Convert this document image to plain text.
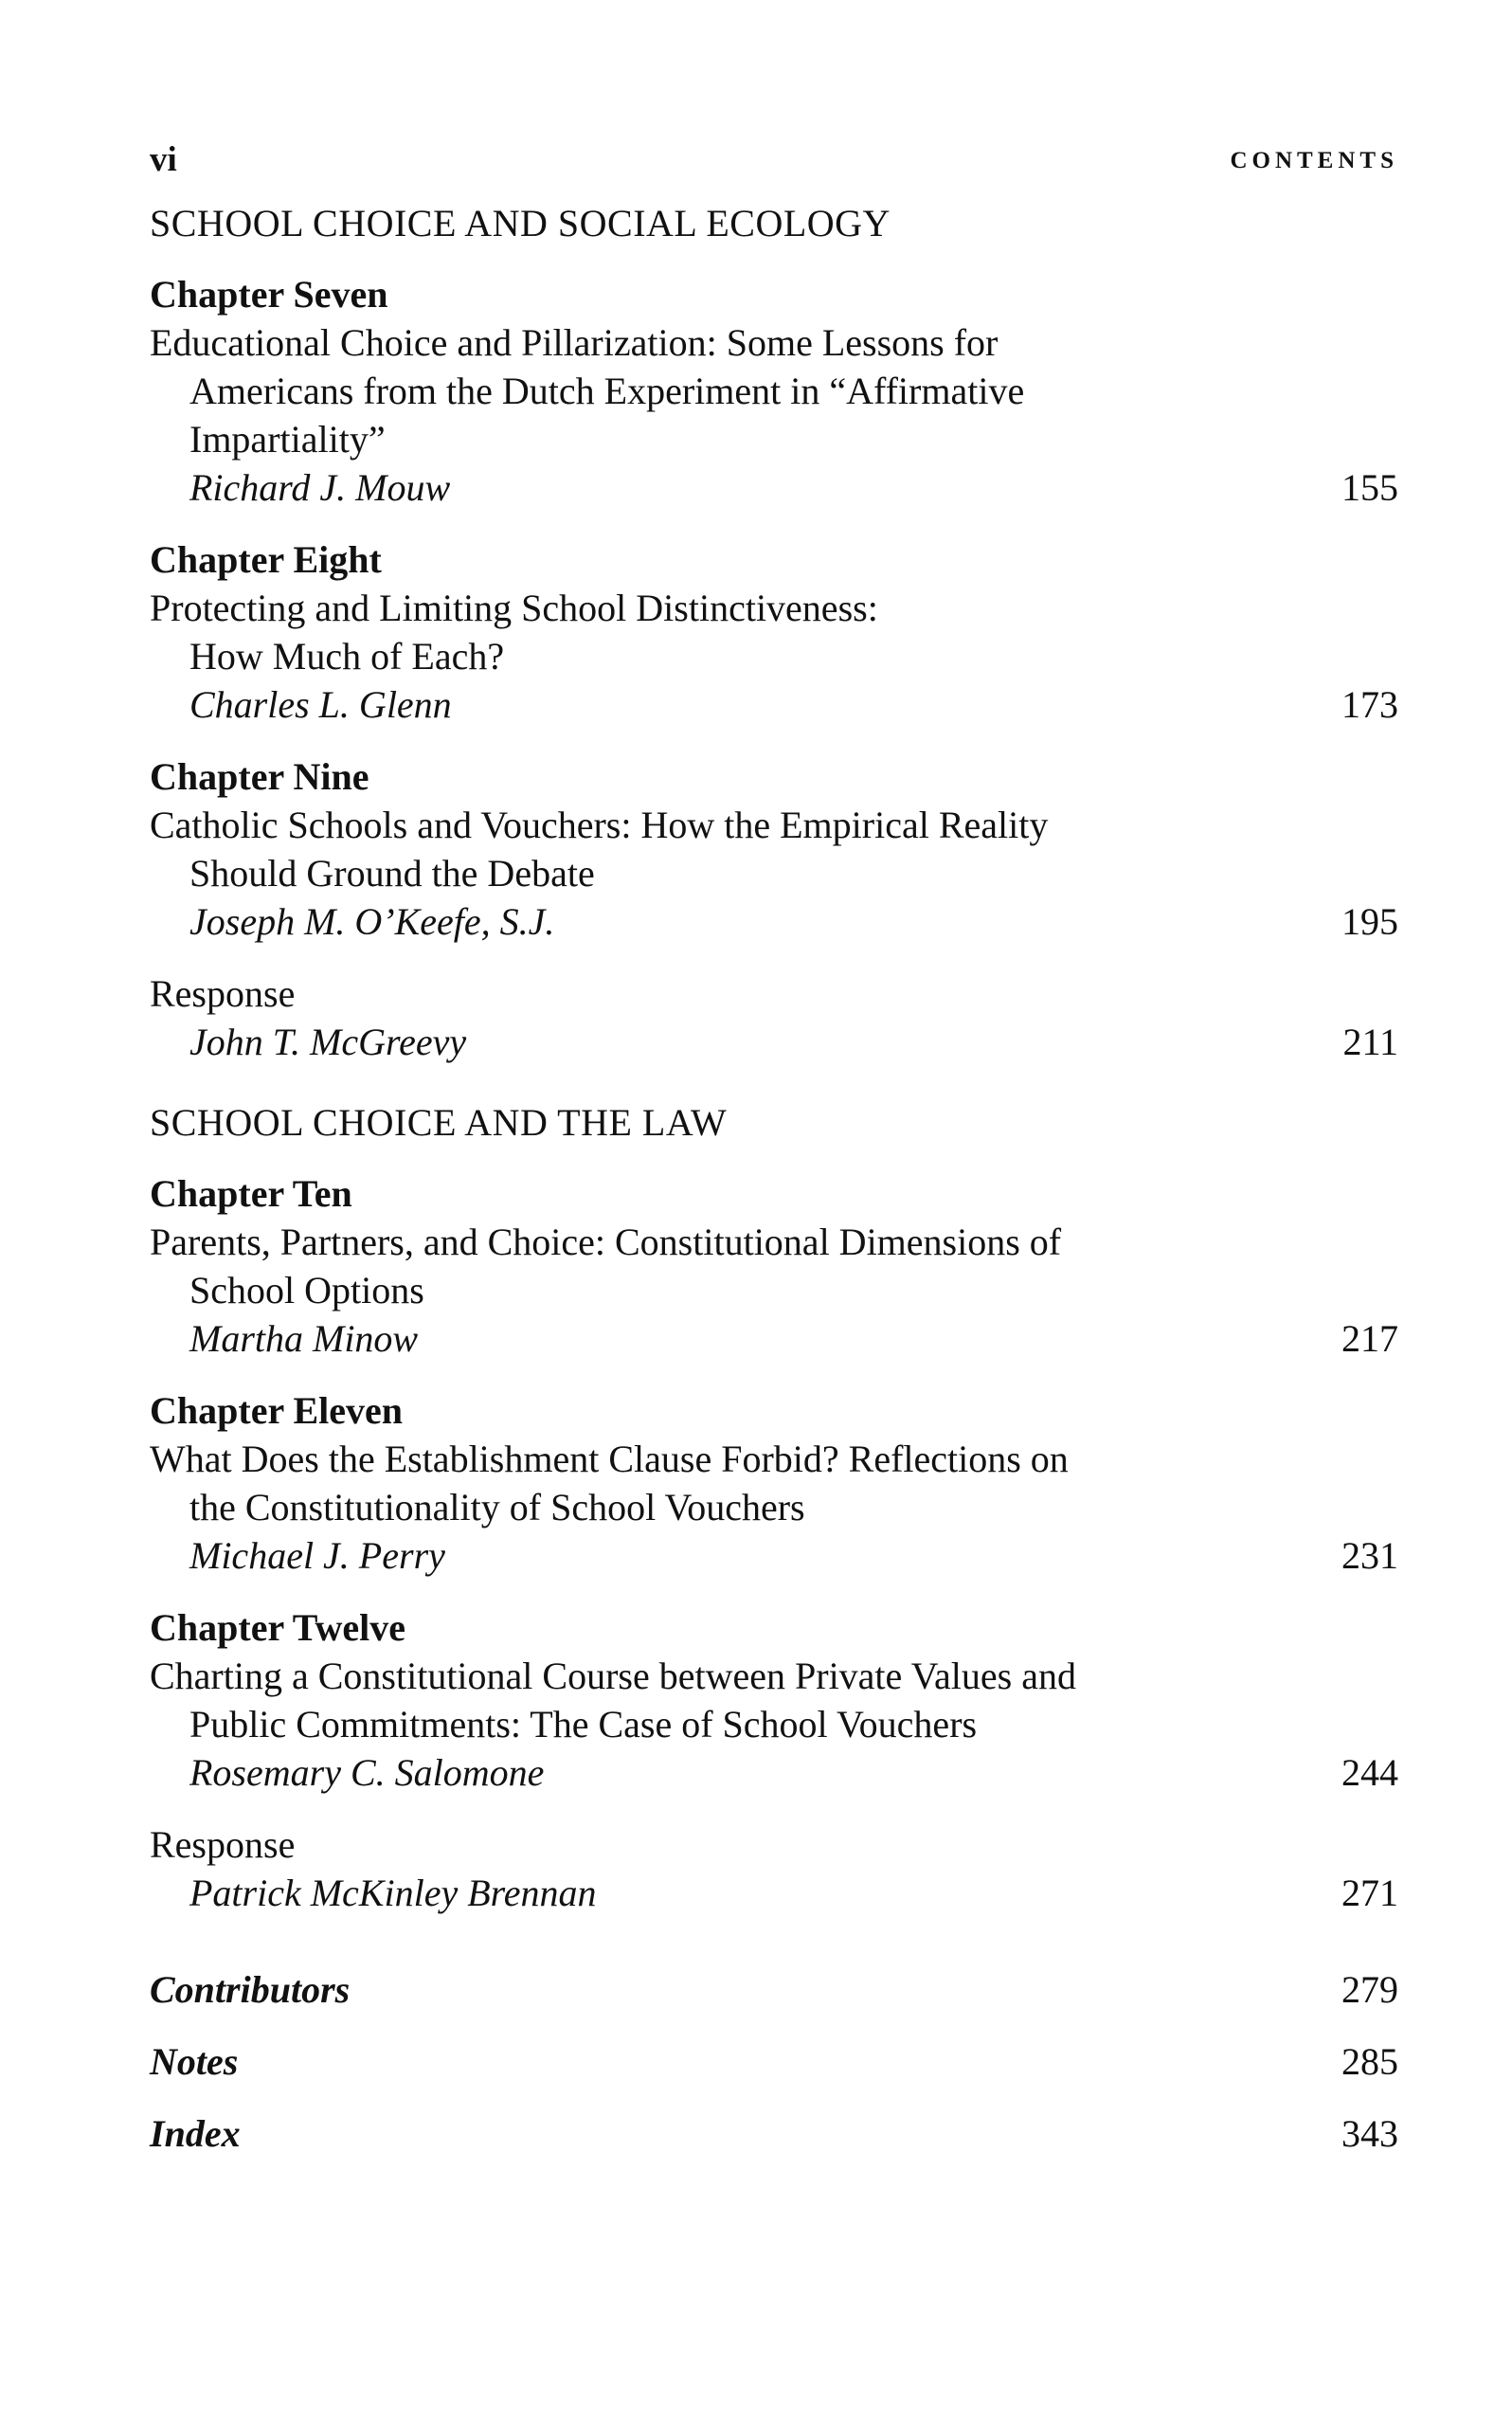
vi	CONTENTS
SCHOOL CHOICE AND SOCIAL ECOLOGY
Chapter Seven
Educational Choice and Pillarization: Some Lessons for
Americans from the Dutch Experiment in “Affirmative
Impartiality”
Richard J. Mouw	155
Chapter Eight
Protecting and Limiting School Distinctiveness:
How Much of Each?
Charles L. Glenn	173
Chapter Nine
Catholic Schools and Vouchers: How the Empirical Reality
Should Ground the Debate
Joseph M. O’Keefe, S.J.	195
Response
John T. McGreevy	211
SCHOOL CHOICE AND THE LAW
Chapter Ten
Parents, Partners, and Choice: Constitutional Dimensions of
School Options
Martha Minow	217
Chapter Eleven
What Does the Establishment Clause Forbid? Reflections on
the Constitutionality of School Vouchers
Michael J. Perry	231
Chapter Twelve
Charting a Constitutional Course between Private Values and
Public Commitments: The Case of School Vouchers
Rosemary C. Salomone	244
Response
Patrick McKinley Brennan	271
Contributors	279
Notes	285
Index	343
